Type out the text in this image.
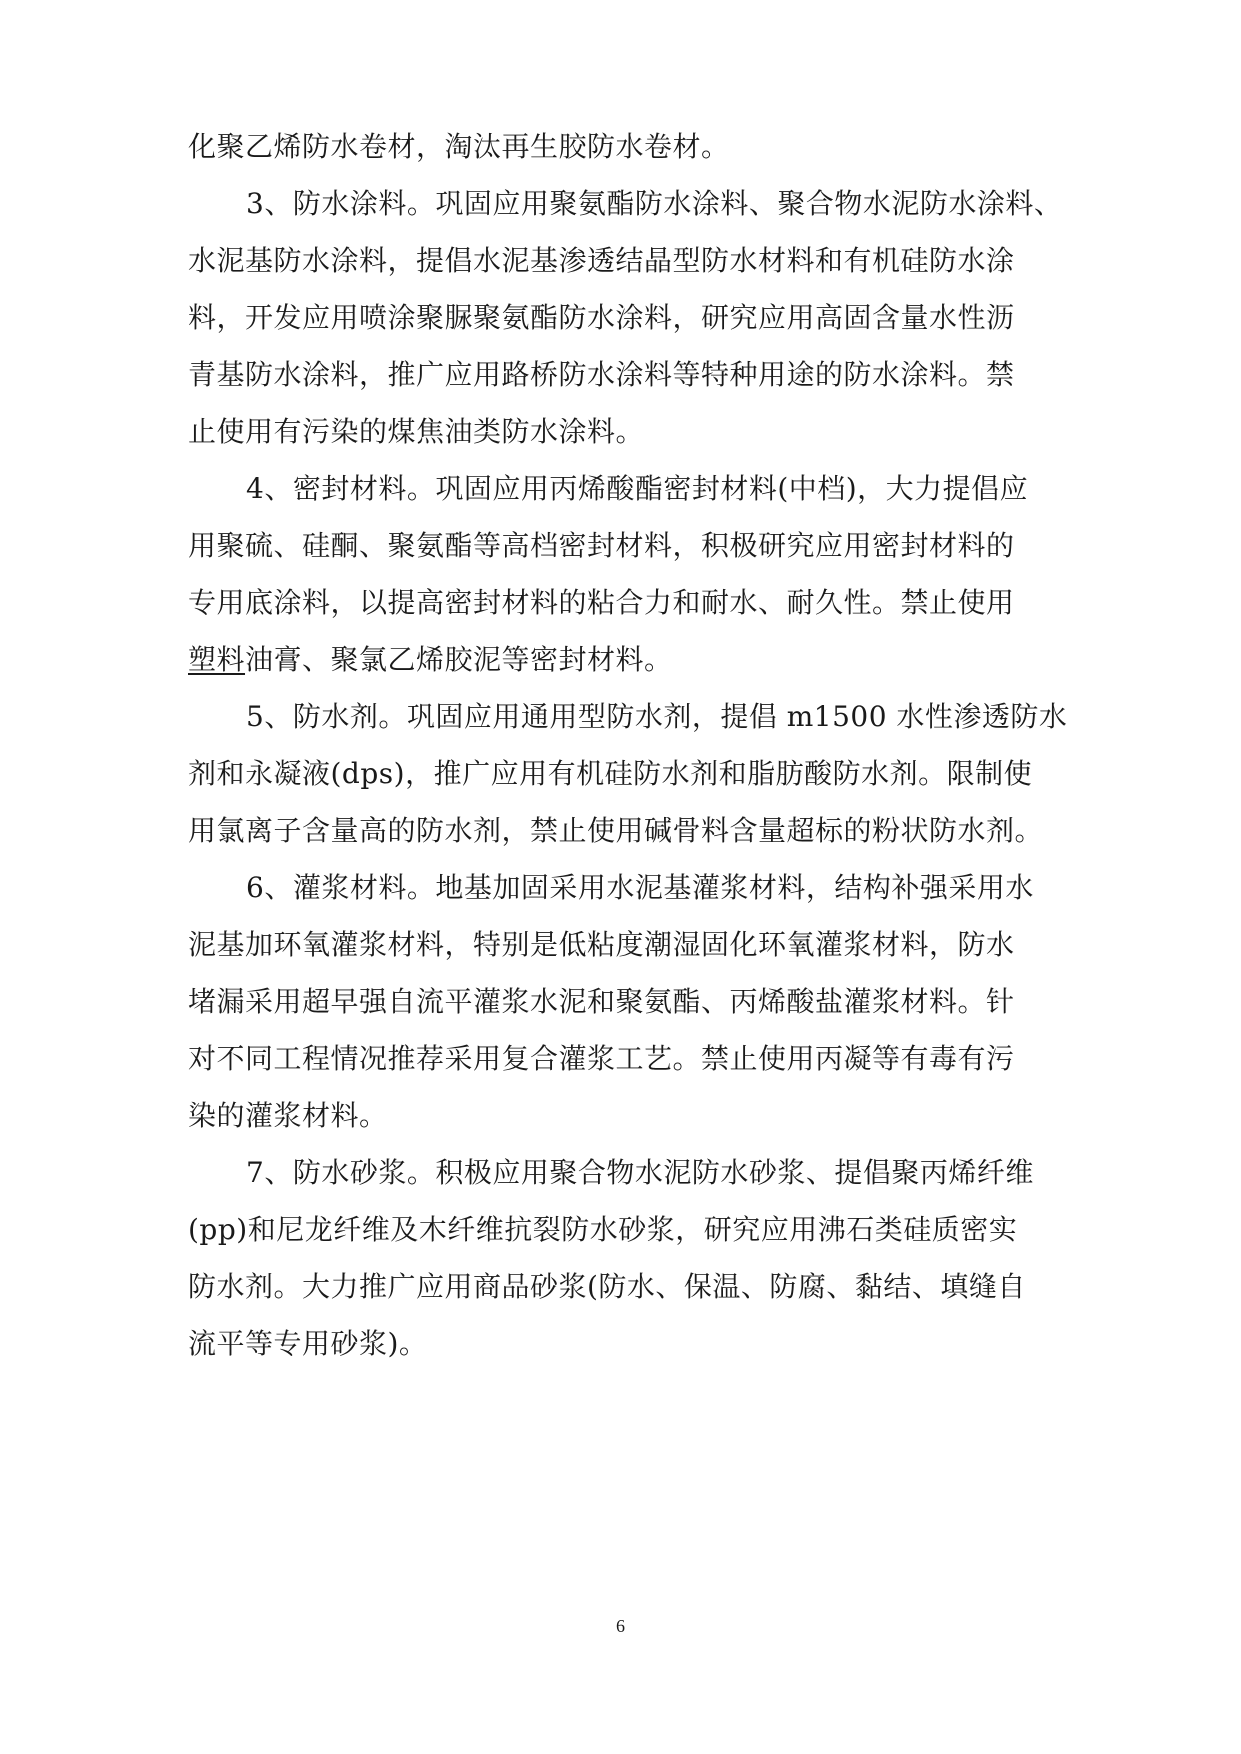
化聚乙烯防水卷材，淘汰再生胶防水卷材。
3、防水涂料。巩固应用聚氨酯防水涂料、聚合物水泥防水涂料、
水泥基防水涂料，提倡水泥基渗透结晶型防水材料和有机硅防水涂
料，开发应用喷涂聚脲聚氨酯防水涂料，研究应用高固含量水性沥
青基防水涂料，推广应用路桥防水涂料等特种用途的防水涂料。禁
止使用有污染的煤焦油类防水涂料。
4、密封材料。巩固应用丙烯酸酯密封材料(中档)，大力提倡应
用聚硫、硅酮、聚氨酯等高档密封材料，积极研究应用密封材料的
专用底涂料，以提高密封材料的粘合力和耐水、耐久性。禁止使用
塑料油膏、聚氯乙烯胶泥等密封材料。
5、防水剂。巩固应用通用型防水剂，提倡 m1500 水性渗透防水
剂和永凝液(dps)，推广应用有机硅防水剂和脂肪酸防水剂。限制使
用氯离子含量高的防水剂，禁止使用碱骨料含量超标的粉状防水剂。
6、灌浆材料。地基加固采用水泥基灌浆材料，结构补强采用水
泥基加环氧灌浆材料，特别是低粘度潮湿固化环氧灌浆材料，防水
堵漏采用超早强自流平灌浆水泥和聚氨酯、丙烯酸盐灌浆材料。针
对不同工程情况推荐采用复合灌浆工艺。禁止使用丙凝等有毒有污
染的灌浆材料。
7、防水砂浆。积极应用聚合物水泥防水砂浆、提倡聚丙烯纤维
(pp)和尼龙纤维及木纤维抗裂防水砂浆，研究应用沸石类硅质密实
防水剂。大力推广应用商品砂浆(防水、保温、防腐、黏结、填缝自
流平等专用砂浆)。
6
